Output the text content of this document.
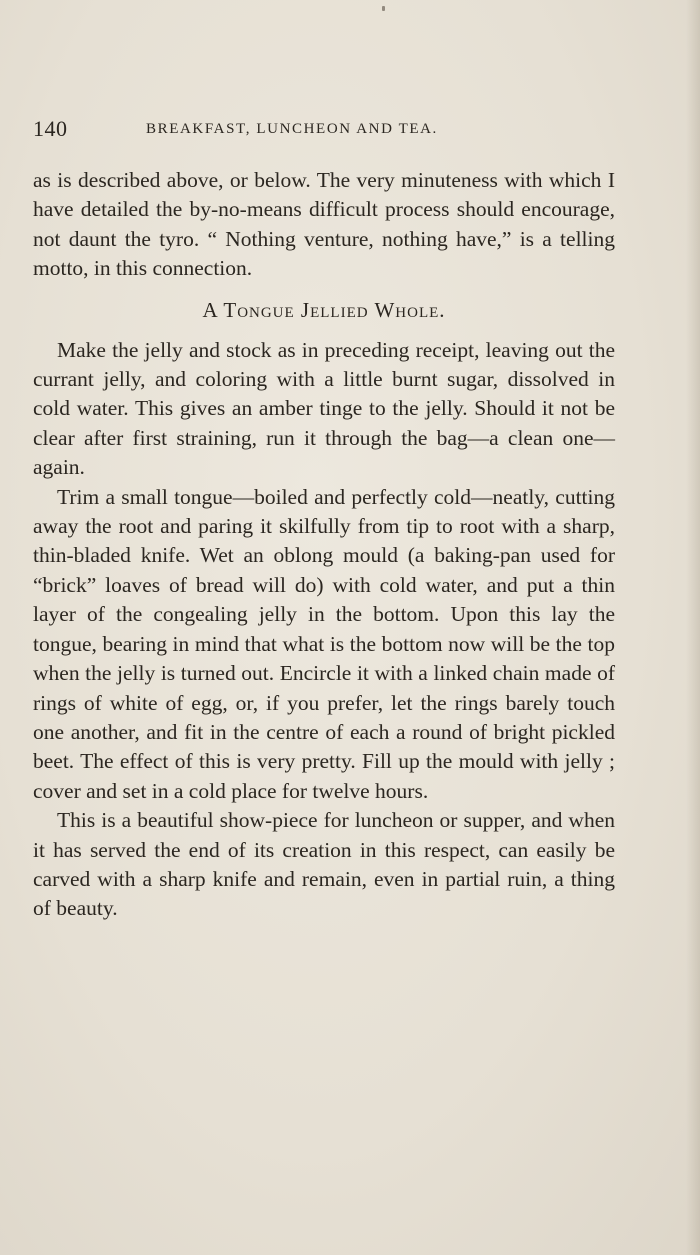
140	BREAKFAST, LUNCHEON AND TEA.

as is described above, or below. The very minuteness with which I have detailed the by-no-means difficult process should encourage, not daunt the tyro. “ Nothing venture, nothing have,” is a telling motto, in this connection.

A Tongue Jellied Whole.

Make the jelly and stock as in preceding receipt, leaving out the currant jelly, and coloring with a little burnt sugar, dissolved in cold water. This gives an amber tinge to the jelly. Should it not be clear after first straining, run it through the bag—a clean one—again.

Trim a small tongue—boiled and perfectly cold—neatly, cutting away the root and paring it skilfully from tip to root with a sharp, thin-bladed knife. Wet an oblong mould (a baking-pan used for “brick” loaves of bread will do) with cold water, and put a thin layer of the congealing jelly in the bottom. Upon this lay the tongue, bearing in mind that what is the bottom now will be the top when the jelly is turned out. Encircle it with a linked chain made of rings of white of egg, or, if you prefer, let the rings barely touch one another, and fit in the centre of each a round of bright pickled beet. The effect of this is very pretty. Fill up the mould with jelly ; cover and set in a cold place for twelve hours.

This is a beautiful show-piece for luncheon or supper, and when it has served the end of its creation in this respect, can easily be carved with a sharp knife and remain, even in partial ruin, a thing of beauty.
